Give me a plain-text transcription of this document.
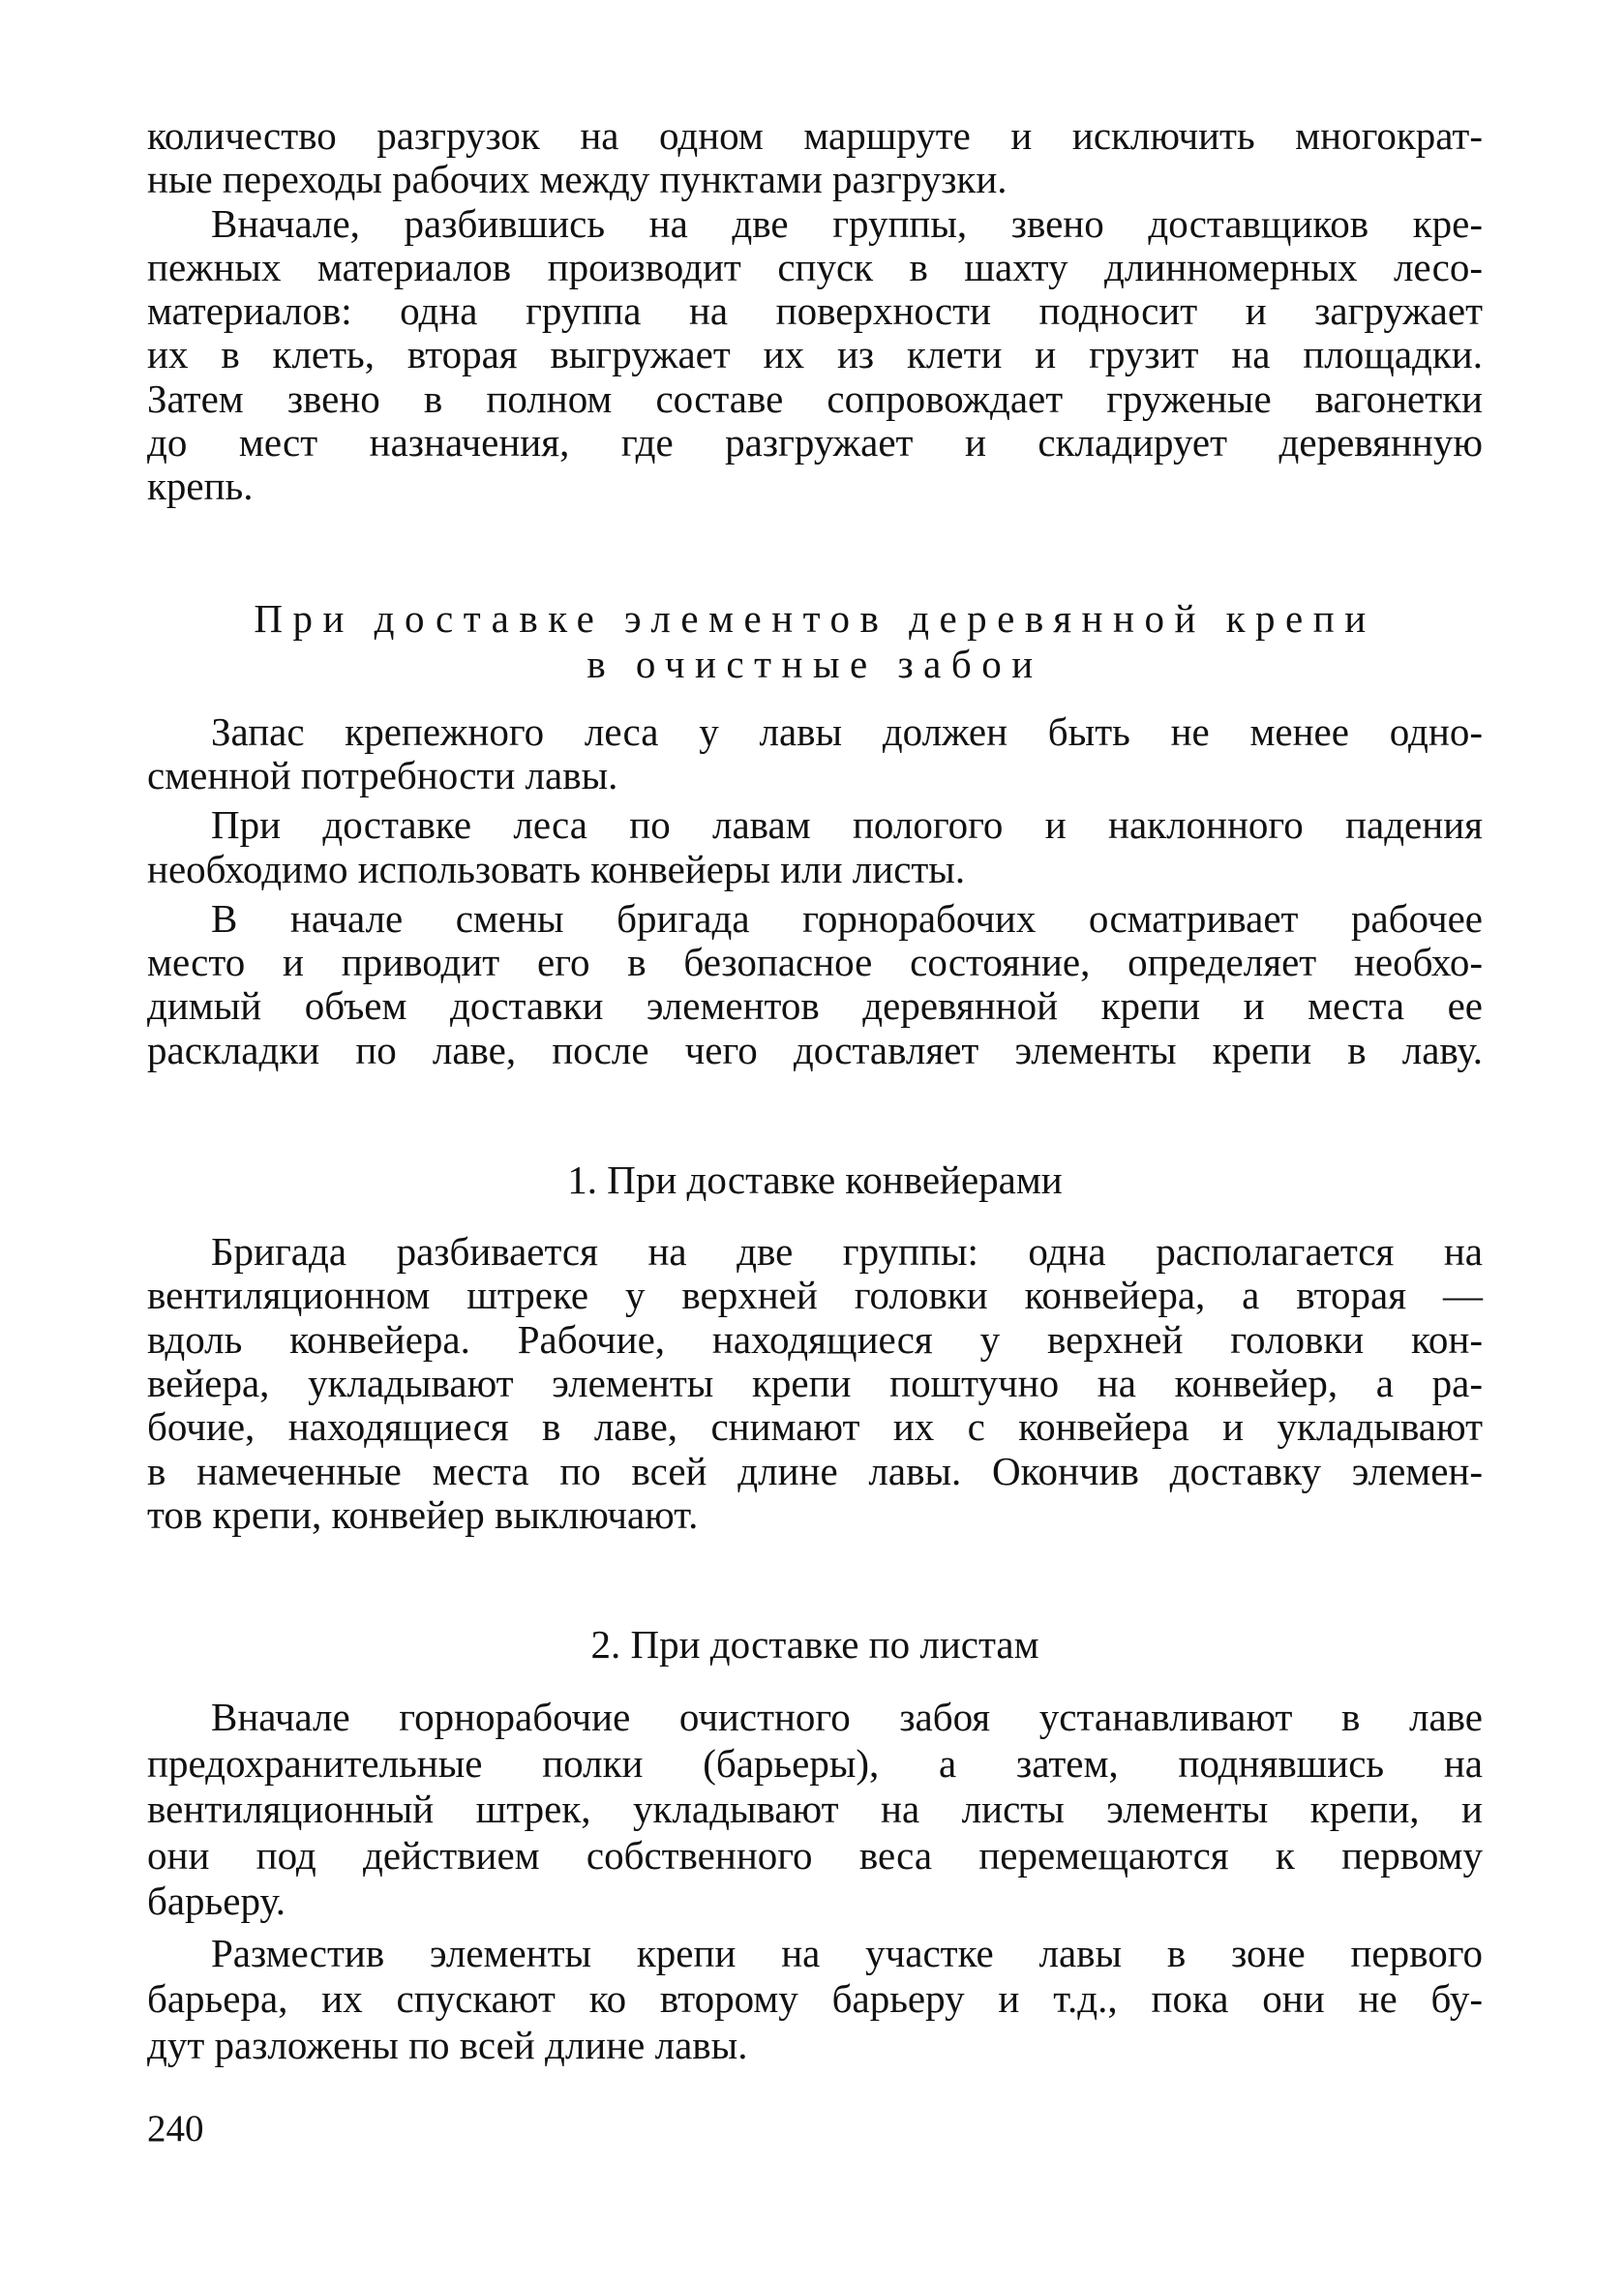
количество разгрузок на одном маршруте и исключить многократ-
ные переходы рабочих между пунктами разгрузки.
Вначале, разбившись на две группы, звено доставщиков кре-
пежных материалов производит спуск в шахту длинномерных лесо-
материалов: одна группа на поверхности подносит и загружает
их в клеть, вторая выгружает их из клети и грузит на площадки.
Затем звено в полном составе сопровождает груженые вагонетки
до мест назначения, где разгружает и складирует деревянную
крепь.
При доставке элементов деревянной крепи
в очистные забои
Запас крепежного леса у лавы должен быть не менее одно-
сменной потребности лавы.
При доставке леса по лавам пологого и наклонного падения
необходимо использовать конвейеры или листы.
В начале смены бригада горнорабочих осматривает рабочее
место и приводит его в безопасное состояние, определяет необхо-
димый объем доставки элементов деревянной крепи и места ее
раскладки по лаве, после чего доставляет элементы крепи в лаву.
1. При доставке конвейерами
Бригада разбивается на две группы: одна располагается на
вентиляционном штреке у верхней головки конвейера, а вторая —
вдоль конвейера. Рабочие, находящиеся у верхней головки кон-
вейера, укладывают элементы крепи поштучно на конвейер, а ра-
бочие, находящиеся в лаве, снимают их с конвейера и укладывают
в намеченные места по всей длине лавы. Окончив доставку элемен-
тов крепи, конвейер выключают.
2. При доставке по листам
Вначале горнорабочие очистного забоя устанавливают в лаве
предохранительные полки (барьеры), а затем, поднявшись на
вентиляционный штрек, укладывают на листы элементы крепи, и
они под действием собственного веса перемещаются к первому
барьеру.
Разместив элементы крепи на участке лавы в зоне первого
барьера, их спускают ко второму барьеру и т.д., пока они не бу-
дут разложены по всей длине лавы.
240
